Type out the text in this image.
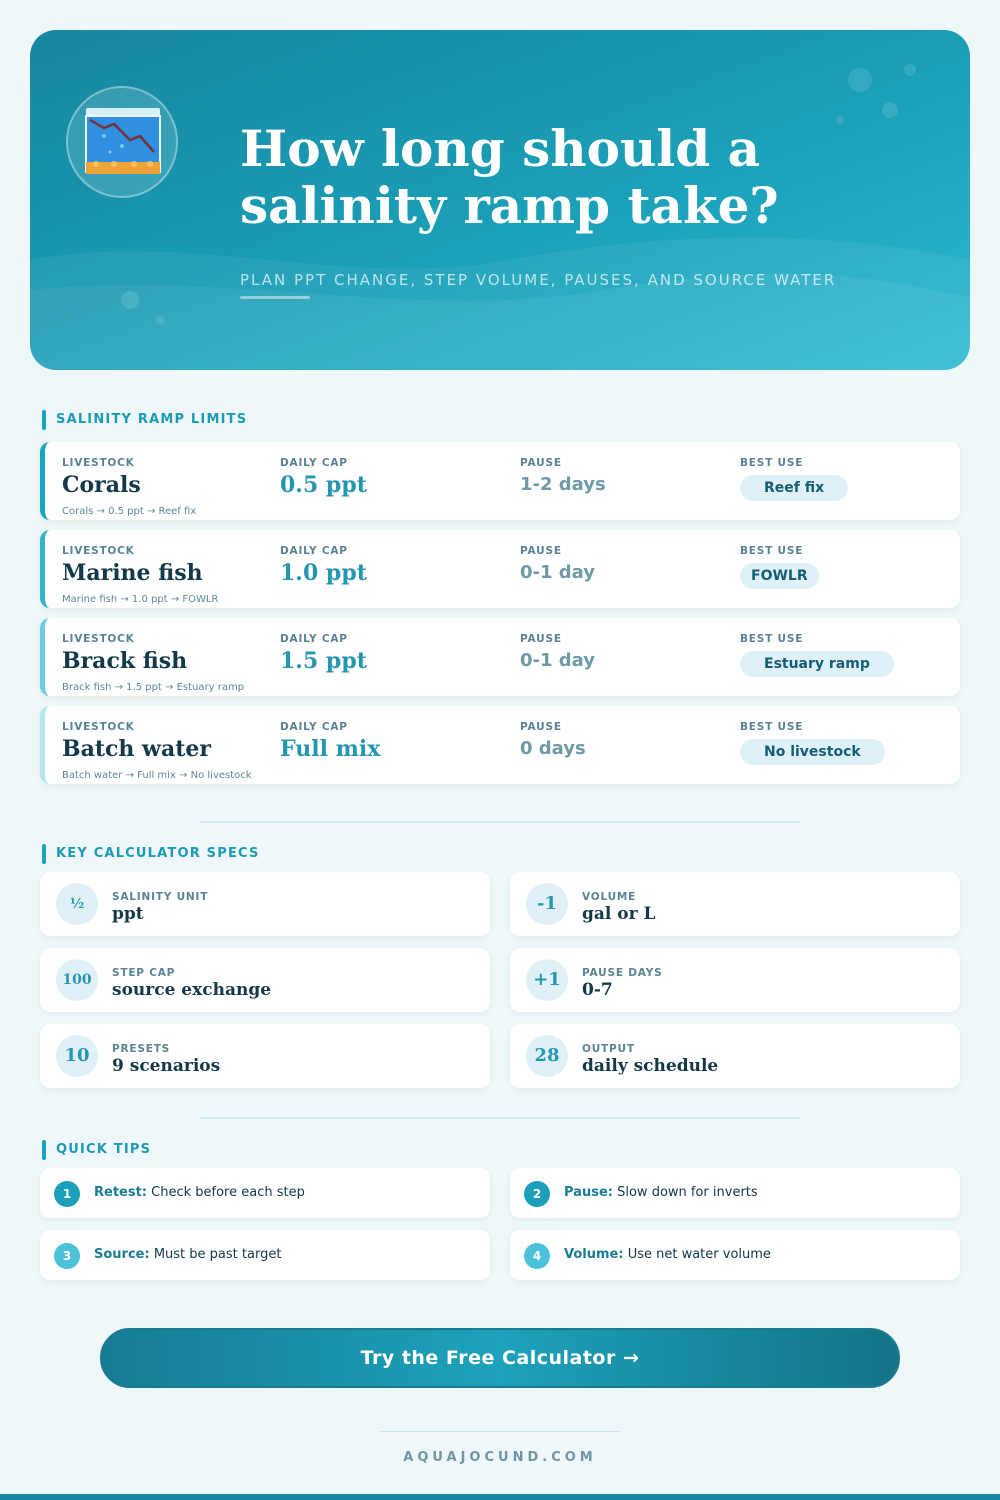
How long should a
salinity ramp take?
PLAN PPT CHANGE, STEP VOLUME, PAUSES, AND SOURCE WATER
SALINITY RAMP LIMITS
LIVESTOCK
Corals
DAILY CAP
0.5 ppt
PAUSE
1-2 days
BEST USE
Reef fix
Corals → 0.5 ppt → Reef fix
LIVESTOCK
Marine fish
DAILY CAP
1.0 ppt
PAUSE
0-1 day
BEST USE
FOWLR
Marine fish → 1.0 ppt → FOWLR
LIVESTOCK
Brack fish
DAILY CAP
1.5 ppt
PAUSE
0-1 day
BEST USE
Estuary ramp
Brack fish → 1.5 ppt → Estuary ramp
LIVESTOCK
Batch water
DAILY CAP
Full mix
PAUSE
0 days
BEST USE
No livestock
Batch water → Full mix → No livestock
KEY CALCULATOR SPECS
½	SALINITY UNIT
ppt	-1	VOLUME
gal or L
100	STEP CAP
source exchange	+1	PAUSE DAYS
0-7
10	PRESETS
9 scenarios	28	OUTPUT
daily schedule
QUICK TIPS
1	Retest: Check before each step	2	Pause: Slow down for inverts
3	Source: Must be past target	4	Volume: Use net water volume
Try the Free Calculator →
AQUAJOCUND.COM
